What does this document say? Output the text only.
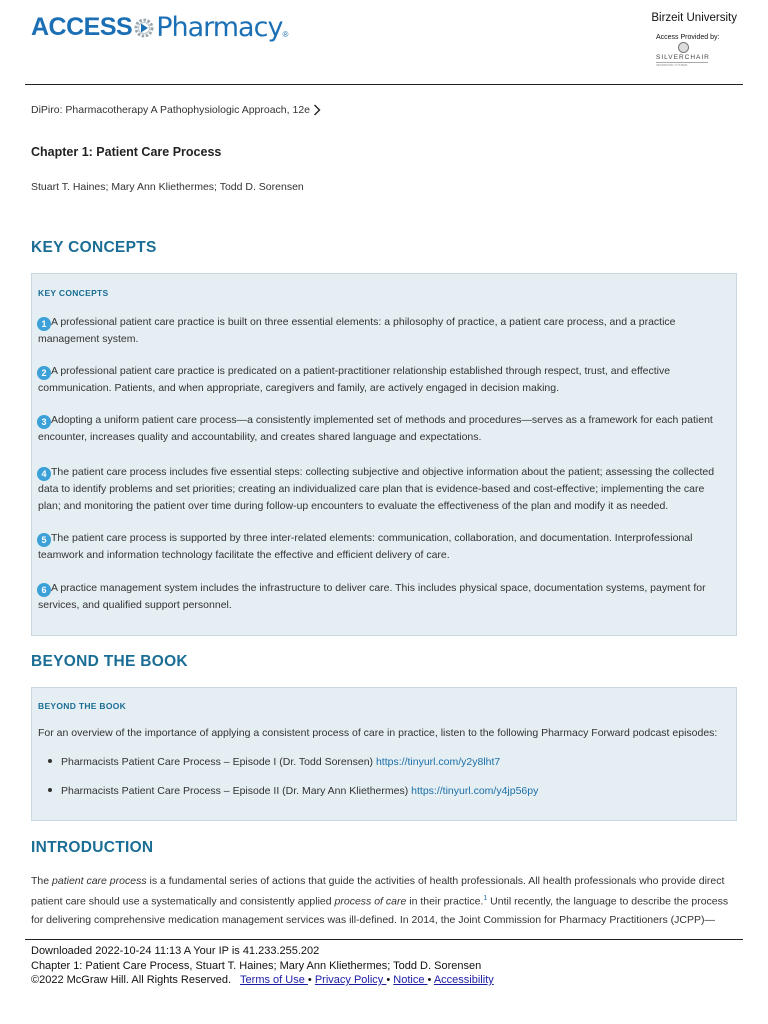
ACCESS Pharmacy ®
Birzeit University
Access Provided by:
SILVERCHAIR
INFORMATION / SYSTEMS
DiPiro: Pharmacotherapy A Pathophysiologic Approach, 12e
Chapter 1: Patient Care Process
Stuart T. Haines; Mary Ann Kliethermes; Todd D. Sorensen
KEY CONCEPTS
KEY CONCEPTS
1 A professional patient care practice is built on three essential elements: a philosophy of practice, a patient care process, and a practice management system.
2 A professional patient care practice is predicated on a patient-practitioner relationship established through respect, trust, and effective communication. Patients, and when appropriate, caregivers and family, are actively engaged in decision making.
3 Adopting a uniform patient care process—a consistently implemented set of methods and procedures—serves as a framework for each patient encounter, increases quality and accountability, and creates shared language and expectations.
4 The patient care process includes five essential steps: collecting subjective and objective information about the patient; assessing the collected data to identify problems and set priorities; creating an individualized care plan that is evidence-based and cost-effective; implementing the care plan; and monitoring the patient over time during follow-up encounters to evaluate the effectiveness of the plan and modify it as needed.
5 The patient care process is supported by three inter-related elements: communication, collaboration, and documentation. Interprofessional teamwork and information technology facilitate the effective and efficient delivery of care.
6 A practice management system includes the infrastructure to deliver care. This includes physical space, documentation systems, payment for services, and qualified support personnel.
BEYOND THE BOOK
BEYOND THE BOOK
For an overview of the importance of applying a consistent process of care in practice, listen to the following Pharmacy Forward podcast episodes:
Pharmacists Patient Care Process – Episode I (Dr. Todd Sorensen) https://tinyurl.com/y2y8lht7
Pharmacists Patient Care Process – Episode II (Dr. Mary Ann Kliethermes) https://tinyurl.com/y4jp56py
INTRODUCTION
The patient care process is a fundamental series of actions that guide the activities of health professionals. All health professionals who provide direct patient care should use a systematically and consistently applied process of care in their practice.$^1$ Until recently, the language to describe the process for delivering comprehensive medication management services was ill-defined. In 2014, the Joint Commission for Pharmacy Practitioners (JCPP)—
Downloaded 2022-10-24 11:13 A Your IP is 41.233.255.202
Chapter 1: Patient Care Process, Stuart T. Haines; Mary Ann Kliethermes; Todd D. Sorensen
©2022 McGraw Hill. All Rights Reserved. Terms of Use • Privacy Policy • Notice • Accessibility
